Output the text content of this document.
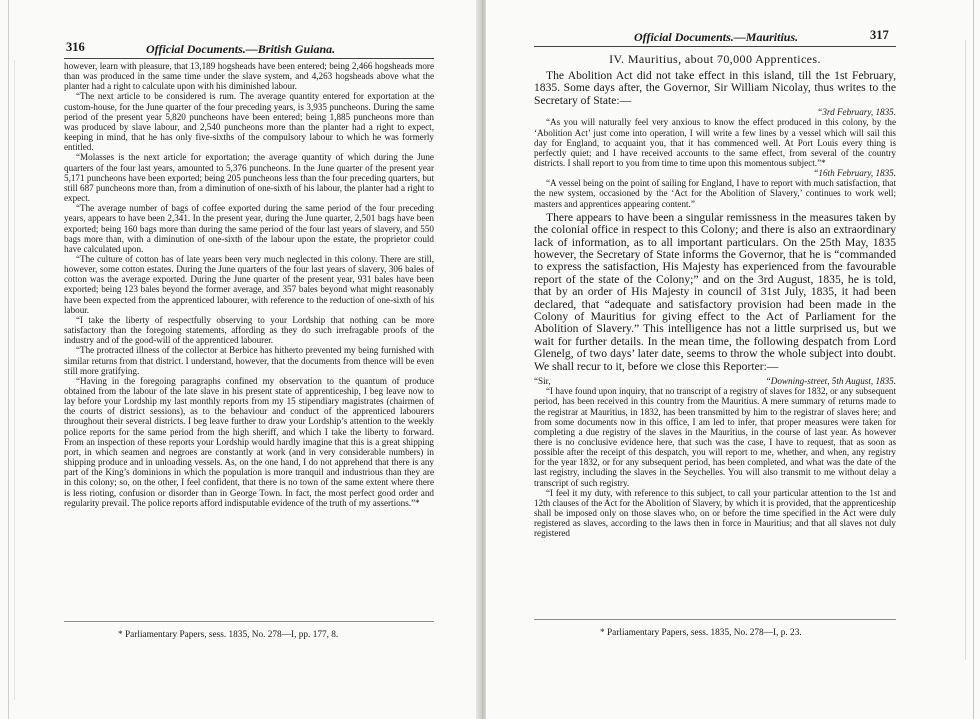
316	Official Documents.—British Guiana.

however, learn with pleasure, that 13,189 hogsheads have been entered; being 2,466 hogsheads more than was produced in the same time under the slave system, and 4,263 hogsheads above what the planter had a right to calculate upon with his diminished labour.

“The next article to be considered is rum. The average quantity entered for exportation at the custom-house, for the June quarter of the four preceding years, is 3,935 puncheons. During the same period of the present year 5,820 puncheons have been entered; being 1,885 puncheons more than was produced by slave labour, and 2,540 puncheons more than the planter had a right to expect, keeping in mind, that he has only five-sixths of the compulsory labour to which he was formerly entitled.

“Molasses is the next article for exportation; the average quantity of which during the June quarters of the four last years, amounted to 5,376 puncheons. In the June quarter of the present year 5,171 puncheons have been exported; being 205 puncheons less than the four preceding quarters, but still 687 puncheons more than, from a diminution of one-sixth of his labour, the planter had a right to expect.

“The average number of bags of coffee exported during the same period of the four preceding years, appears to have been 2,341. In the present year, during the June quarter, 2,501 bags have been exported; being 160 bags more than during the same period of the four last years of slavery, and 550 bags more than, with a diminution of one-sixth of the labour upon the estate, the proprietor could have calculated upon.

“The culture of cotton has of late years been very much neglected in this colony. There are still, however, some cotton estates. During the June quarters of the four last years of slavery, 306 bales of cotton was the average exported. During the June quarter of the present year, 931 bales have been exported; being 123 bales beyond the former average, and 357 bales beyond what might reasonably have been expected from the apprenticed labourer, with reference to the reduction of one-sixth of his labour.

“I take the liberty of respectfully observing to your Lordship that nothing can be more satisfactory than the foregoing statements, affording as they do such irrefragable proofs of the industry and of the good-will of the apprenticed labourer.

“The protracted illness of the collector at Berbice has hitherto prevented my being furnished with similar returns from that district. I understand, however, that the documents from thence will be even still more gratifying.

“Having in the foregoing paragraphs confined my observation to the quantum of produce obtained from the labour of the late slave in his present state of apprenticeship, I beg leave now to lay before your Lordship my last monthly reports from my 15 stipendiary magistrates (chairmen of the courts of district sessions), as to the behaviour and conduct of the apprenticed labourers throughout their several districts. I beg leave further to draw your Lordship’s attention to the weekly police reports for the same period from the high sheriff, and which I take the liberty to forward. From an inspection of these reports your Lordship would hardly imagine that this is a great shipping port, in which seamen and negroes are constantly at work (and in very considerable numbers) in shipping produce and in unloading vessels. As, on the one hand, I do not apprehend that there is any part of the King’s dominions in which the population is more tranquil and industrious than they are in this colony; so, on the other, I feel confident, that there is no town of the same extent where there is less rioting, confusion or disorder than in George Town. In fact, the most perfect good order and regularity prevail. The police reports afford indisputable evidence of the truth of my assertions.”*

* Parliamentary Papers, sess. 1835, No. 278—I, pp. 177, 8.
Official Documents.—Mauritius.	317

IV. Mauritius, about 70,000 Apprentices.

The Abolition Act did not take effect in this island, till the 1st February, 1835. Some days after, the Governor, Sir William Nicolay, thus writes to the Secretary of State:—

“3rd February, 1835.

“As you will naturally feel very anxious to know the effect produced in this colony, by the ‘Abolition Act’ just come into operation, I will write a few lines by a vessel which will sail this day for England, to acquaint you, that it has commenced well. At Port Louis every thing is perfectly quiet; and I have received accounts to the same effect, from several of the country districts. I shall report to you from time to time upon this momentous subject.”*

“16th February, 1835.

“A vessel being on the point of sailing for England, I have to report with much satisfaction, that the new system, occasioned by the ‘Act for the Abolition of Slavery,’ continues to work well; masters and apprentices appearing content.”

There appears to have been a singular remissness in the measures taken by the colonial office in respect to this Colony; and there is also an extraordinary lack of information, as to all important particulars. On the 25th May, 1835 however, the Secretary of State informs the Governor, that he is “commanded to express the satisfaction, His Majesty has experienced from the favourable report of the state of the Colony;” and on the 3rd August, 1835, he is told, that by an order of His Majesty in council of 31st July, 1835, it had been declared, that “adequate and satisfactory provision had been made in the Colony of Mauritius for giving effect to the Act of Parliament for the Abolition of Slavery.” This intelligence has not a little surprised us, but we wait for further details. In the mean time, the following despatch from Lord Glenelg, of two days’ later date, seems to throw the whole subject into doubt. We shall recur to it, before we close this Reporter:—

“Sir,	“Downing-street, 5th August, 1835.

“I have found upon inquiry, that no transcript of a registry of slaves for 1832, or any subsequent period, has been received in this country from the Mauritius. A mere summary of returns made to the registrar at Mauritius, in 1832, has been transmitted by him to the registrar of slaves here; and from some documents now in this office, I am led to infer, that proper measures were taken for completing a due registry of the slaves in the Mauritius, in the course of last year. As however there is no conclusive evidence here, that such was the case, I have to request, that as soon as possible after the receipt of this despatch, you will report to me, whether, and when, any registry for the year 1832, or for any subsequent period, has been completed, and what was the date of the last registry, including the slaves in the Seychelles. You will also transmit to me without delay a transcript of such registry.

“I feel it my duty, with reference to this subject, to call your particular attention to the 1st and 12th clauses of the Act for the Abolition of Slavery, by which it is provided, that the apprenticeship shall be imposed only on those slaves who, on or before the time specified in the Act were duly registered as slaves, according to the laws then in force in Mauritius; and that all slaves not duly registered

* Parliamentary Papers, sess. 1835, No. 278—I, p. 23.
